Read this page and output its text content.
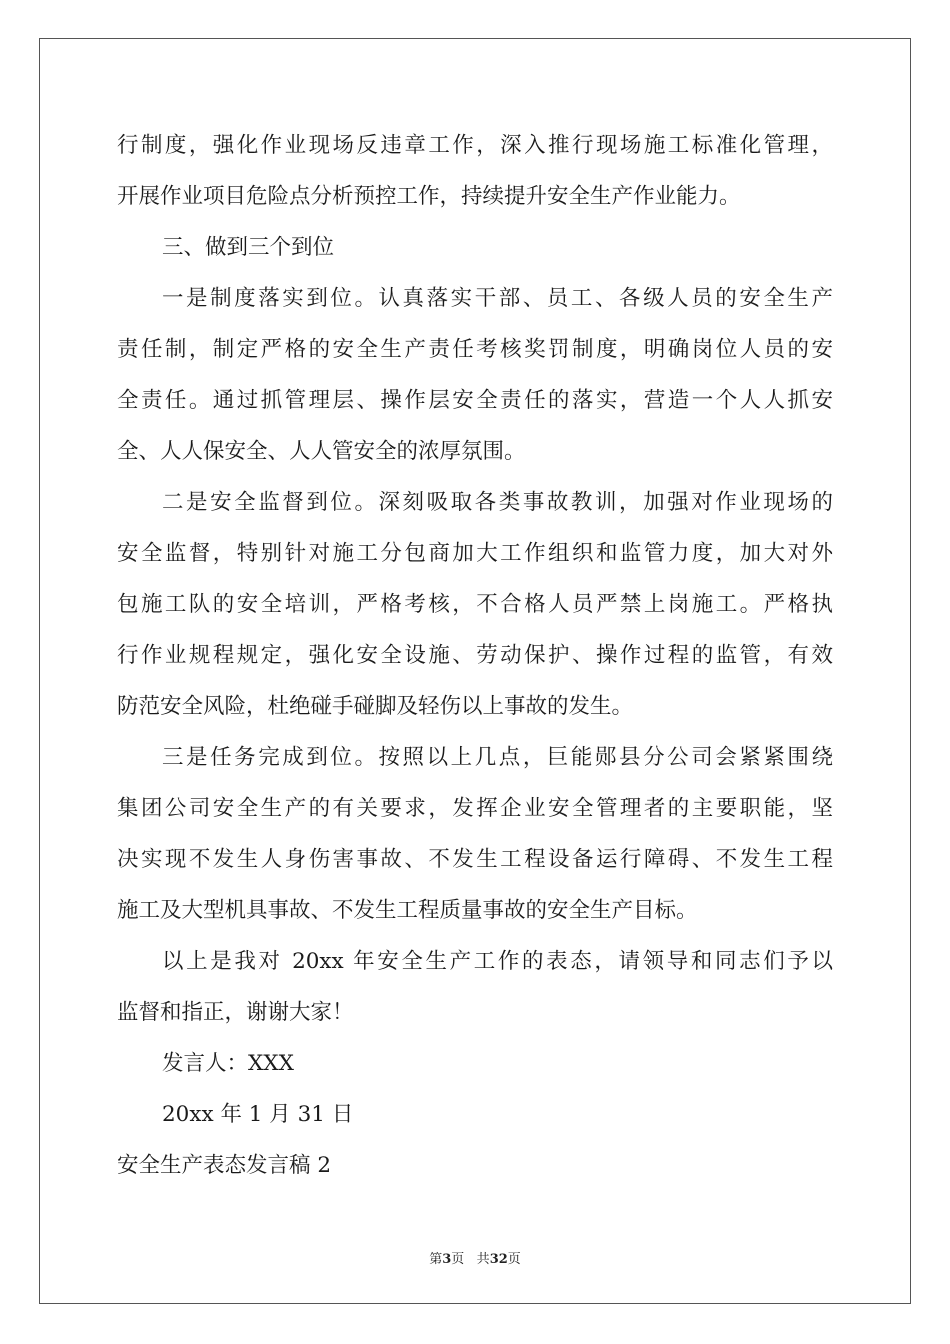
行制度，强化作业现场反违章工作，深入推行现场施工标准化管理，
开展作业项目危险点分析预控工作，持续提升安全生产作业能力。
三、做到三个到位
一是制度落实到位。认真落实干部、员工、各级人员的安全生产
责任制，制定严格的安全生产责任考核奖罚制度，明确岗位人员的安
全责任。通过抓管理层、操作层安全责任的落实，营造一个人人抓安
全、人人保安全、人人管安全的浓厚氛围。
二是安全监督到位。深刻吸取各类事故教训，加强对作业现场的
安全监督，特别针对施工分包商加大工作组织和监管力度，加大对外
包施工队的安全培训，严格考核，不合格人员严禁上岗施工。严格执
行作业规程规定，强化安全设施、劳动保护、操作过程的监管，有效
防范安全风险，杜绝碰手碰脚及轻伤以上事故的发生。
三是任务完成到位。按照以上几点，巨能郧县分公司会紧紧围绕
集团公司安全生产的有关要求，发挥企业安全管理者的主要职能，坚
决实现不发生人身伤害事故、不发生工程设备运行障碍、不发生工程
施工及大型机具事故、不发生工程质量事故的安全生产目标。
以上是我对 20xx 年安全生产工作的表态，请领导和同志们予以
监督和指正，谢谢大家！
发言人：XXX
20xx 年 1 月 31 日
安全生产表态发言稿 2
第3页 共32页
